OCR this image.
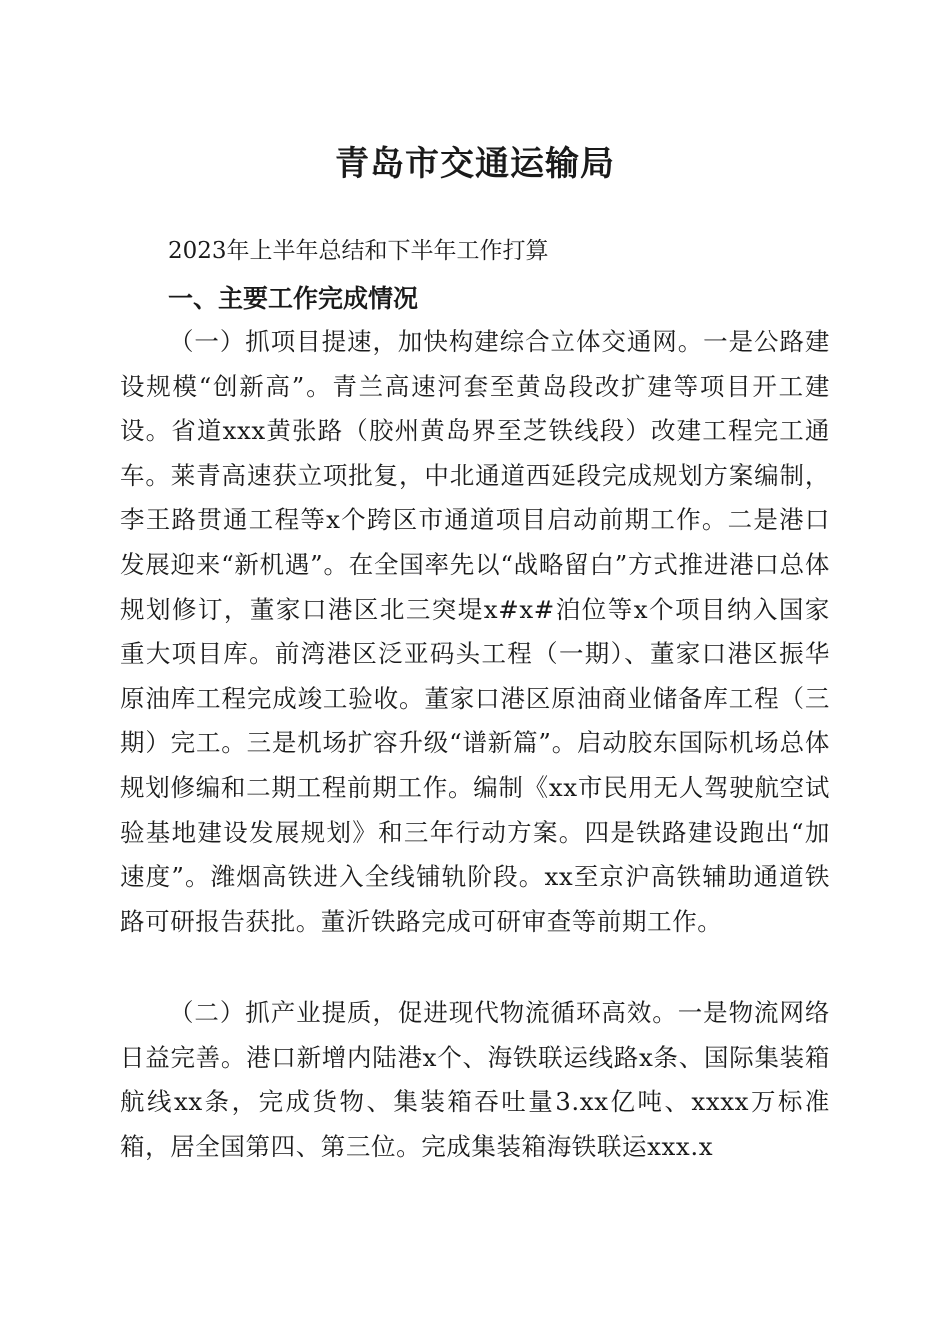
青岛市交通运输局

2023年上半年总结和下半年工作打算

一、主要工作完成情况

（一）抓项目提速，加快构建综合立体交通网。一是公路建设规模“创新高”。青兰高速河套至黄岛段改扩建等项目开工建设。省道xxx黄张路（胶州黄岛界至芝铁线段）改建工程完工通车。莱青高速获立项批复，中北通道西延段完成规划方案编制，李王路贯通工程等x个跨区市通道项目启动前期工作。二是港口发展迎来“新机遇”。在全国率先以“战略留白”方式推进港口总体规划修订，董家口港区北三突堤x#x#泊位等x个项目纳入国家重大项目库。前湾港区泛亚码头工程（一期）、董家口港区振华原油库工程完成竣工验收。董家口港区原油商业储备库工程（三期）完工。三是机场扩容升级“谱新篇”。启动胶东国际机场总体规划修编和二期工程前期工作。编制《xx市民用无人驾驶航空试验基地建设发展规划》和三年行动方案。四是铁路建设跑出“加速度”。潍烟高铁进入全线铺轨阶段。xx至京沪高铁辅助通道铁路可研报告获批。董沂铁路完成可研审查等前期工作。

（二）抓产业提质，促进现代物流循环高效。一是物流网络日益完善。港口新增内陆港x个、海铁联运线路x条、国际集装箱航线xx条，完成货物、集装箱吞吐量3.xx亿吨、xxxx万标准箱，居全国第四、第三位。完成集装箱海铁联运xxx.x
